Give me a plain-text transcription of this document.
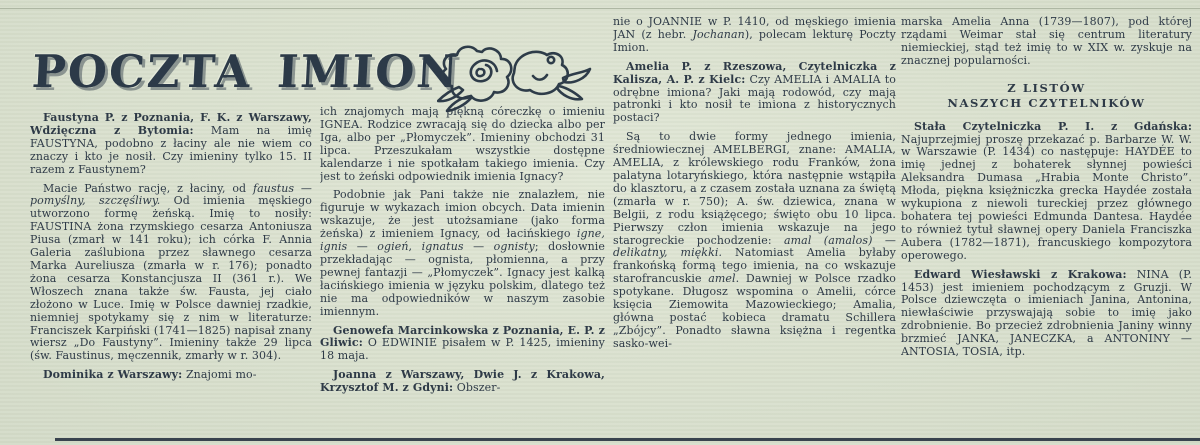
POCZTA IMION

Faustyna P. z Poznania, F. K. z Warszawy, Wdzięczna z Bytomia: Mam na imię FAUSTYNA, podobno z łaciny ale nie wiem co znaczy i kto je nosił. Czy imieniny tylko 15. II razem z Faustynem?

Macie Państwo rację, z łaciny, od faustus — pomyślny, szczęśliwy. Od imienia męskiego utworzono formę żeńską. Imię to nosiły: FAUSTINA żona rzymskiego cesarza Antoniusza Piusa (zmarł w 141 roku); ich córka F. Annia Galeria zaślubiona przez sławnego cesarza Marka Aureliusza (zmarła w r. 176); ponadto żona cesarza Konstancjusza II (361 r.). We Włoszech znana także św. Fausta, jej ciało złożono w Luce. Imię w Polsce dawniej rzadkie, niemniej spotykamy się z nim w literaturze: Franciszek Karpiński (1741—1825) napisał znany wiersz „Do Faustyny”. Imieniny także 29 lipca (św. Faustinus, męczennik, zmarły w r. 304).

Dominika z Warszawy: Znajomi mo-

ich znajomych mają piękną córeczkę o imieniu IGNEA. Rodzice zwracają się do dziecka albo per Iga, albo per „Płomyczek”. Imieniny obchodzi 31 lipca. Przeszukałam wszystkie dostępne kalendarze i nie spotkałam takiego imienia. Czy jest to żeński odpowiednik imienia Ignacy?

Podobnie jak Pani także nie znalazłem, nie figuruje w wykazach imion obcych. Data imienin wskazuje, że jest utożsamiane (jako forma żeńska) z imieniem Ignacy, od łacińskiego igne, ignis — ogień, ignatus — ognisty; dosłownie przekładając — ognista, płomienna, a przy pewnej fantazji — „Płomyczek”. Ignacy jest kalką łacińskiego imienia w języku polskim, dlatego też nie ma odpowiedników w naszym zasobie imiennym.

Genowefa Marcinkowska z Poznania, E. P. z Gliwic: O EDWINIE pisałem w P. 1425, imieniny 18 maja.

Joanna z Warszawy, Dwie J. z Krakowa, Krzysztof M. z Gdyni: Obszer-

nie o JOANNIE w P. 1410, od męskiego imienia JAN (z hebr. Jochanan), polecam lekturę Poczty Imion.

Amelia P. z Rzeszowa, Czytelniczka z Kalisza, A. P. z Kielc: Czy AMELIA i AMALIA to odrębne imiona? Jaki mają rodowód, czy mają patronki i kto nosił te imiona z historycznych postaci?

Są to dwie formy jednego imienia, średniowiecznej AMELBERGI, znane: AMALIA, AMELIA, z królewskiego rodu Franków, żona palatyna lotaryńskiego, która następnie wstąpiła do klasztoru, a z czasem została uznana za świętą (zmarła w r. 750); A. św. dziewica, znana w Belgii, z rodu książęcego; święto obu 10 lipca. Pierwszy człon imienia wskazuje na jego starogreckie pochodzenie: amal (amalos) — delikatny, miękki. Natomiast Amelia byłaby frankońską formą tego imienia, na co wskazuje starofrancuskie amel. Dawniej w Polsce rzadko spotykane. Długosz wspomina o Amelii, córce księcia Ziemowita Mazowieckiego; Amalia, główna postać kobieca dramatu Schillera „Zbójcy”. Ponadto sławna księżna i regentka sasko-wei-

marska Amelia Anna (1739—1807), pod której rządami Weimar stał się centrum literatury niemieckiej, stąd też imię to w XIX w. zyskuje na znacznej popularności.

Z LISTÓW
NASZYCH CZYTELNIKÓW

Stała Czytelniczka P. I. z Gdańska: Najuprzejmiej proszę przekazać p. Barbarze W. W. w Warszawie (P. 1434) co następuje: HAYDÉE to imię jednej z bohaterek słynnej powieści Aleksandra Dumasa „Hrabia Monte Christo”. Młoda, piękna księżniczka grecka Haydée została wykupiona z niewoli tureckiej przez głównego bohatera tej powieści Edmunda Dantesa. Haydée to również tytuł sławnej opery Daniela Franciszka Aubera (1782—1871), francuskiego kompozytora operowego.

Edward Wiesławski z Krakowa: NINA (P. 1453) jest imieniem pochodzącym z Gruzji. W Polsce dziewczęta o imieniach Janina, Antonina, niewłaściwie przyswajają sobie to imię jako zdrobnienie. Bo przecież zdrobnienia Janiny winny brzmieć JANKA, JANECZKA, a ANTONINY — ANTOSIA, TOSIA, itp.
